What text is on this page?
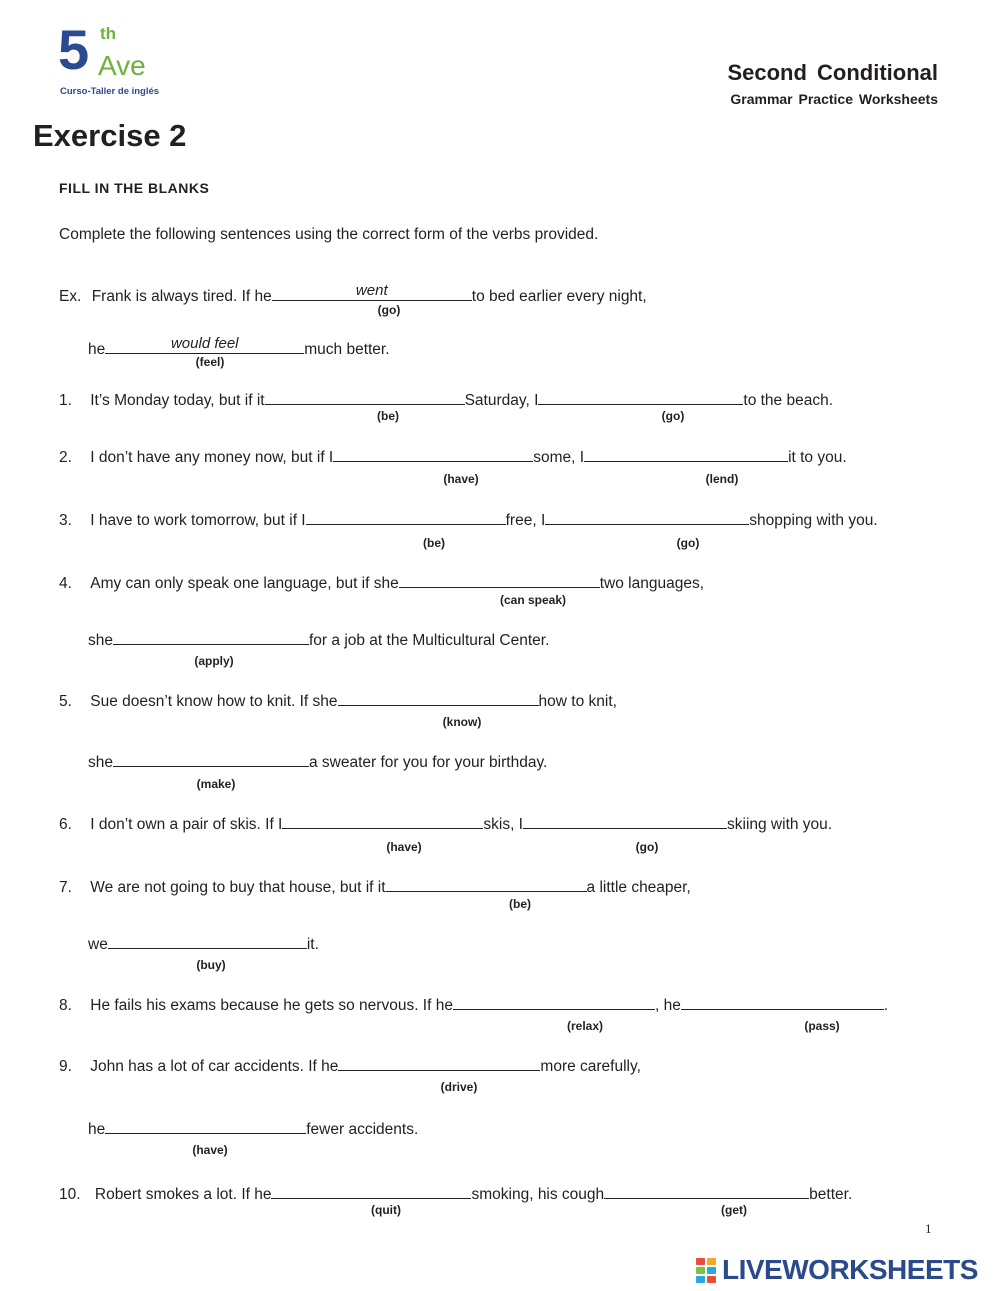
5 th
Ave
Curso-Taller de inglés
Second Conditional
Grammar Practice Worksheets
Exercise 2
FILL IN THE BLANKS
Complete the following sentences using the correct form of the verbs provided.
Ex. Frank is always tired. If he	went	to bed earlier every night,
(go)
he	would feel	much better.
(feel)
1. It’s Monday today, but if it	Saturday, I	to the beach.
(be)	(go)
2. I don’t have any money now, but if I	some, I	it to you.
(have)	(lend)
3. I have to work tomorrow, but if I	free, I	shopping with you.
(be)	(go)
4. Amy can only speak one language, but if she	two languages,
(can speak)
she	for a job at the Multicultural Center.
(apply)
5. Sue doesn’t know how to knit. If she	how to knit,
(know)
she	a sweater for you for your birthday.
(make)
6. I don’t own a pair of skis. If I	skis, I	skiing with you.
(have)	(go)
7. We are not going to buy that house, but if it	a little cheaper,
(be)
we	it.
(buy)
8. He fails his exams because he gets so nervous. If he	, he	.
(relax)	(pass)
9. John has a lot of car accidents. If he	more carefully,
(drive)
he	fewer accidents.
(have)
10. Robert smokes a lot. If he	smoking, his cough	better.
(quit)	(get)
1
LIVEWORKSHEETS
